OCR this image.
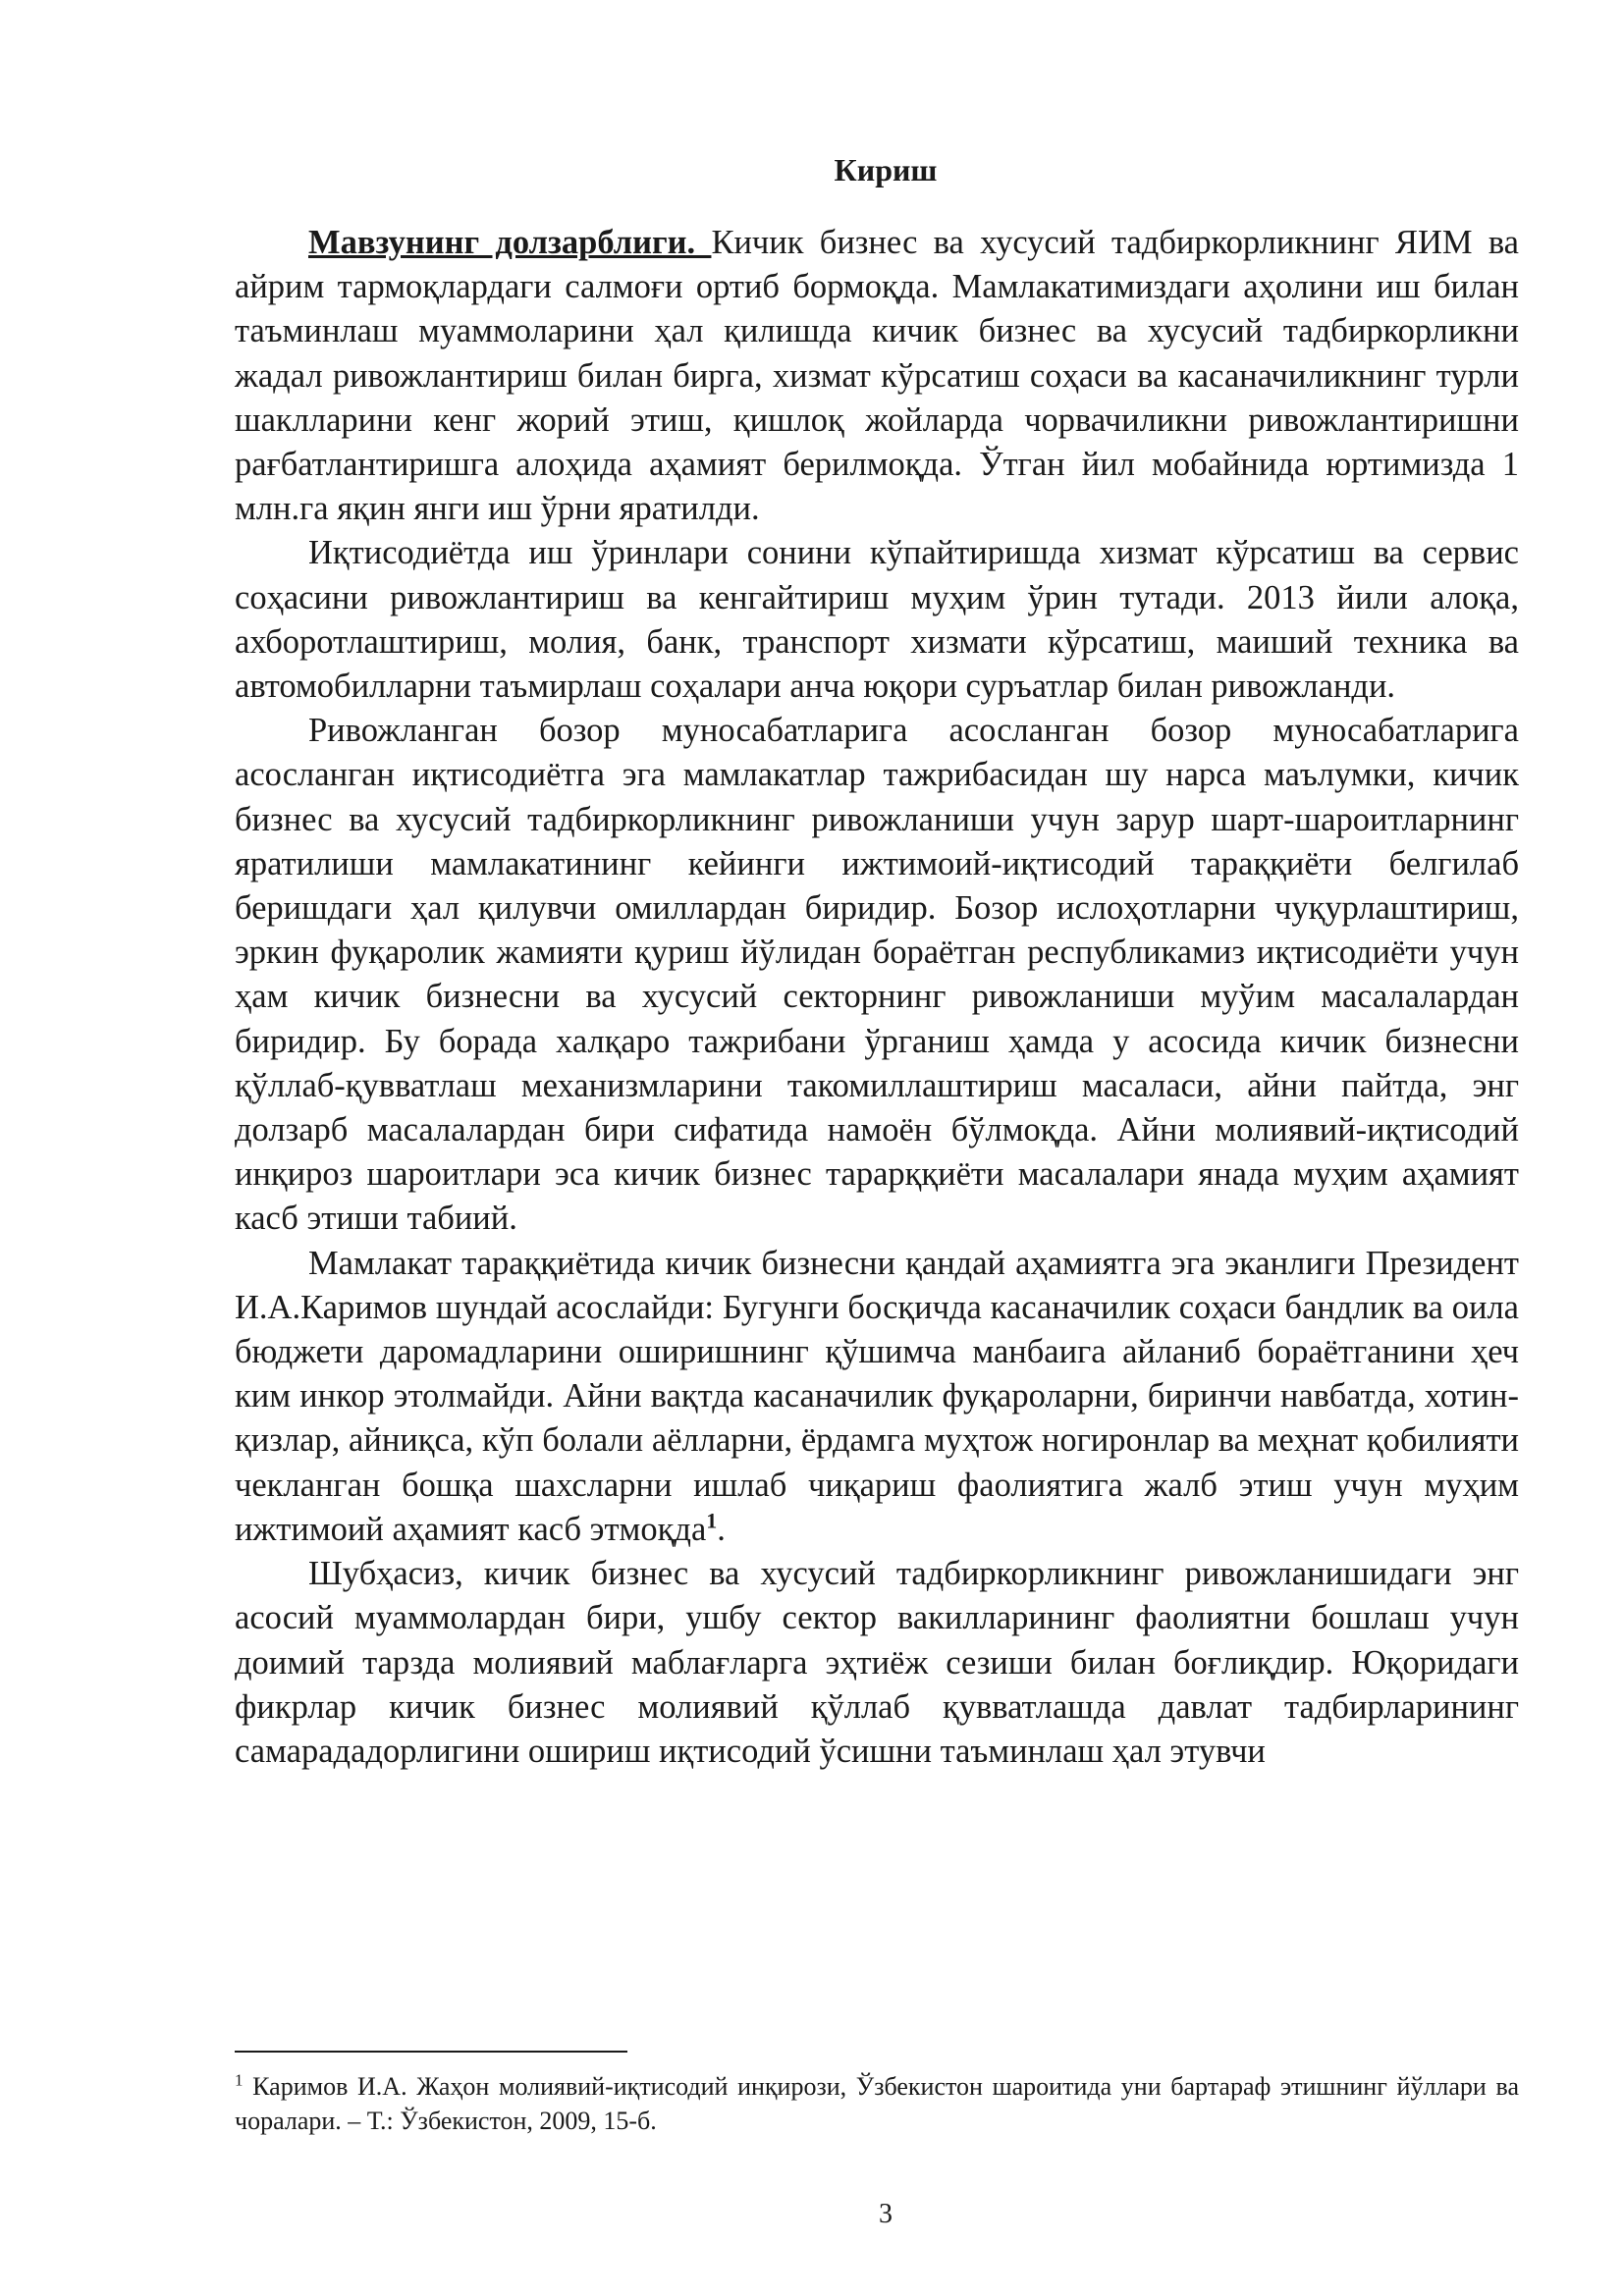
Кириш

Мавзунинг долзарблиги. Кичик бизнес ва хусусий тадбиркорликнинг ЯИМ ва айрим тармоқлардаги салмоғи ортиб бормоқда. Мамлакатимиздаги аҳолини иш билан таъминлаш муаммоларини ҳал қилишда кичик бизнес ва хусусий тадбиркорликни жадал ривожлантириш билан бирга, хизмат кўрсатиш соҳаси ва касаначиликнинг турли шаклларини кенг жорий этиш, қишлоқ жойларда чорвачиликни ривожлантиришни рағбатлантиришга алоҳида аҳамият берилмоқда. Ўтган йил мобайнида юртимизда 1 млн.га яқин янги иш ўрни яратилди.

Иқтисодиётда иш ўринлари сонини кўпайтиришда хизмат кўрсатиш ва сервис соҳасини ривожлантириш ва кенгайтириш муҳим ўрин тутади. 2013 йили алоқа, ахборотлаштириш, молия, банк, транспорт хизмати кўрсатиш, маиший техника ва автомобилларни таъмирлаш соҳалари анча юқори суръатлар билан ривожланди.

Ривожланган бозор муносабатларига асосланган бозор муносабатларига асосланган иқтисодиётга эга мамлакатлар тажрибасидан шу нарса маълумки, кичик бизнес ва хусусий тадбиркорликнинг ривожланиши учун зарур шарт-шароитларнинг яратилиши мамлакатининг кейинги ижтимоий-иқтисодий тараққиёти белгилаб беришдаги ҳал қилувчи омиллардан биридир. Бозор ислоҳотларни чуқурлаштириш, эркин фуқаролик жамияти қуриш йўлидан бораётган республикамиз иқтисодиёти учун ҳам кичик бизнесни ва хусусий секторнинг ривожланиши муўим масалалардан биридир. Бу борада халқаро тажрибани ўрганиш ҳамда у асосида кичик бизнесни қўллаб-қувватлаш механизмларини такомиллаштириш масаласи, айни пайтда, энг долзарб масалалардан бири сифатида намоён бўлмоқда. Айни молиявий-иқтисодий инқироз шароитлари эса кичик бизнес тарарққиёти масалалари янада муҳим аҳамият касб этиши табиий.

Мамлакат тараққиётида кичик бизнесни қандай аҳамиятга эга эканлиги Президент И.А.Каримов шундай асослайди: Бугунги босқичда касаначилик соҳаси бандлик ва оила бюджети даромадларини оширишнинг қўшимча манбаига айланиб бораётганини ҳеч ким инкор этолмайди. Айни вақтда касаначилик фуқароларни, биринчи навбатда, хотин-қизлар, айниқса, кўп болали аёлларни, ёрдамга муҳтож ногиронлар ва меҳнат қобилияти чекланган бошқа шахсларни ишлаб чиқариш фаолиятига жалб этиш учун муҳим ижтимоий аҳамият касб этмоқда$^1$.

Шубҳасиз, кичик бизнес ва хусусий тадбиркорликнинг ривожланишидаги энг асосий муаммолардан бири, ушбу сектор вакилларининг фаолиятни бошлаш учун доимий тарзда молиявий маблағларга эҳтиёж сезиши билан боғлиқдир. Юқоридаги фикрлар кичик бизнес молиявий қўллаб қувватлашда давлат тадбирларининг самарададорлигини ошириш иқтисодий ўсишни таъминлаш ҳал этувчи

$^1$ Каримов И.А. Жаҳон молиявий-иқтисодий инқирози, Ўзбекистон шароитида уни бартараф этишнинг йўллари ва чоралари. – Т.: Ўзбекистон, 2009, 15-б.

3
